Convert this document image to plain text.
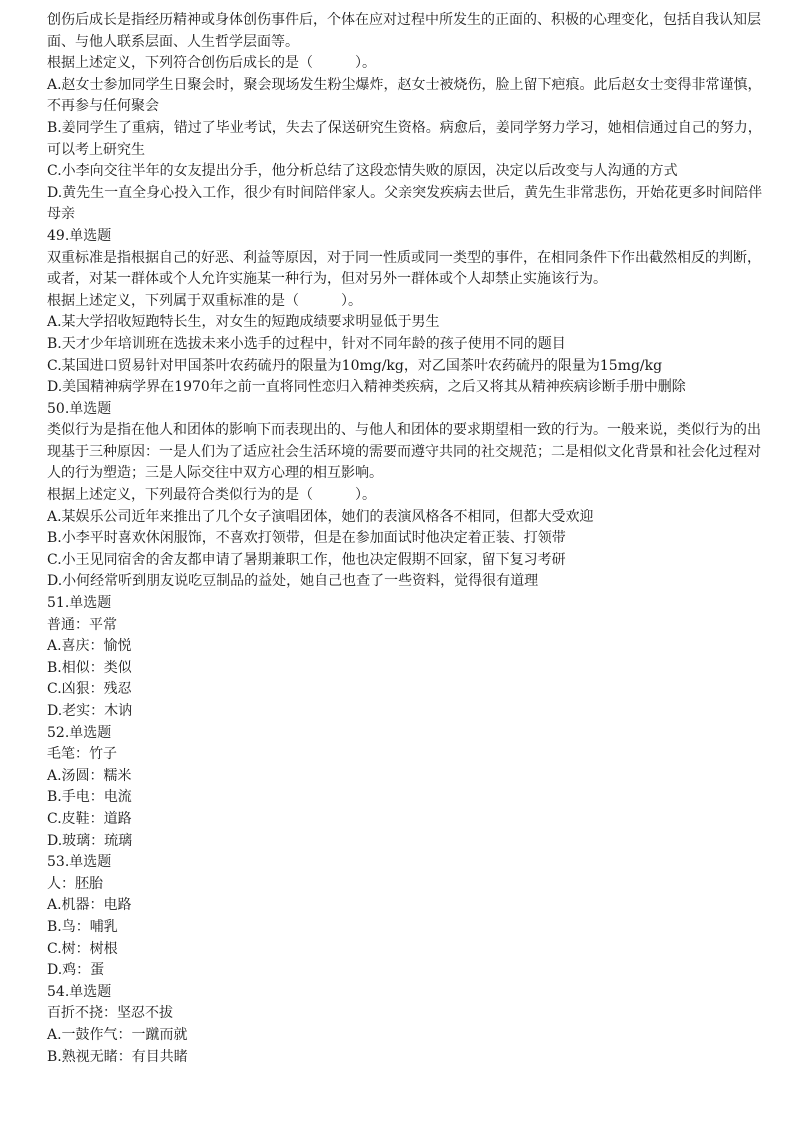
创伤后成长是指经历精神或身体创伤事件后，个体在应对过程中所发生的正面的、积极的心理变化，包括自我认知层面、与他人联系层面、人生哲学层面等。

根据上述定义，下列符合创伤后成长的是（　　　）。

A.赵女士参加同学生日聚会时，聚会现场发生粉尘爆炸，赵女士被烧伤，脸上留下疤痕。此后赵女士变得非常谨慎，不再参与任何聚会

B.姜同学生了重病，错过了毕业考试，失去了保送研究生资格。病愈后，姜同学努力学习，她相信通过自己的努力，可以考上研究生

C.小李向交往半年的女友提出分手，他分析总结了这段恋情失败的原因，决定以后改变与人沟通的方式

D.黄先生一直全身心投入工作，很少有时间陪伴家人。父亲突发疾病去世后，黄先生非常悲伤，开始花更多时间陪伴母亲

49.单选题

双重标准是指根据自己的好恶、利益等原因，对于同一性质或同一类型的事件，在相同条件下作出截然相反的判断，或者，对某一群体或个人允许实施某一种行为，但对另外一群体或个人却禁止实施该行为。

根据上述定义，下列属于双重标准的是（　　　）。

A.某大学招收短跑特长生，对女生的短跑成绩要求明显低于男生

B.天才少年培训班在选拔未来小选手的过程中，针对不同年龄的孩子使用不同的题目

C.某国进口贸易针对甲国茶叶农药硫丹的限量为10mg/kg，对乙国茶叶农药硫丹的限量为15mg/kg

D.美国精神病学界在1970年之前一直将同性恋归入精神类疾病，之后又将其从精神疾病诊断手册中删除

50.单选题

类似行为是指在他人和团体的影响下而表现出的、与他人和团体的要求期望相一致的行为。一般来说，类似行为的出现基于三种原因：一是人们为了适应社会生活环境的需要而遵守共同的社交规范；二是相似文化背景和社会化过程对人的行为塑造；三是人际交往中双方心理的相互影响。

根据上述定义，下列最符合类似行为的是（　　　）。

A.某娱乐公司近年来推出了几个女子演唱团体，她们的表演风格各不相同，但都大受欢迎

B.小李平时喜欢休闲服饰，不喜欢打领带，但是在参加面试时他决定着正装、打领带

C.小王见同宿舍的舍友都申请了暑期兼职工作，他也决定假期不回家，留下复习考研

D.小何经常听到朋友说吃豆制品的益处，她自己也查了一些资料，觉得很有道理

51.单选题

普通：平常

A.喜庆：愉悦

B.相似：类似

C.凶狠：残忍

D.老实：木讷

52.单选题

毛笔：竹子

A.汤圆：糯米

B.手电：电流

C.皮鞋：道路

D.玻璃：琉璃

53.单选题

人：胚胎

A.机器：电路

B.鸟：哺乳

C.树：树根

D.鸡：蛋

54.单选题

百折不挠：坚忍不拔

A.一鼓作气：一蹴而就

B.熟视无睹：有目共睹
